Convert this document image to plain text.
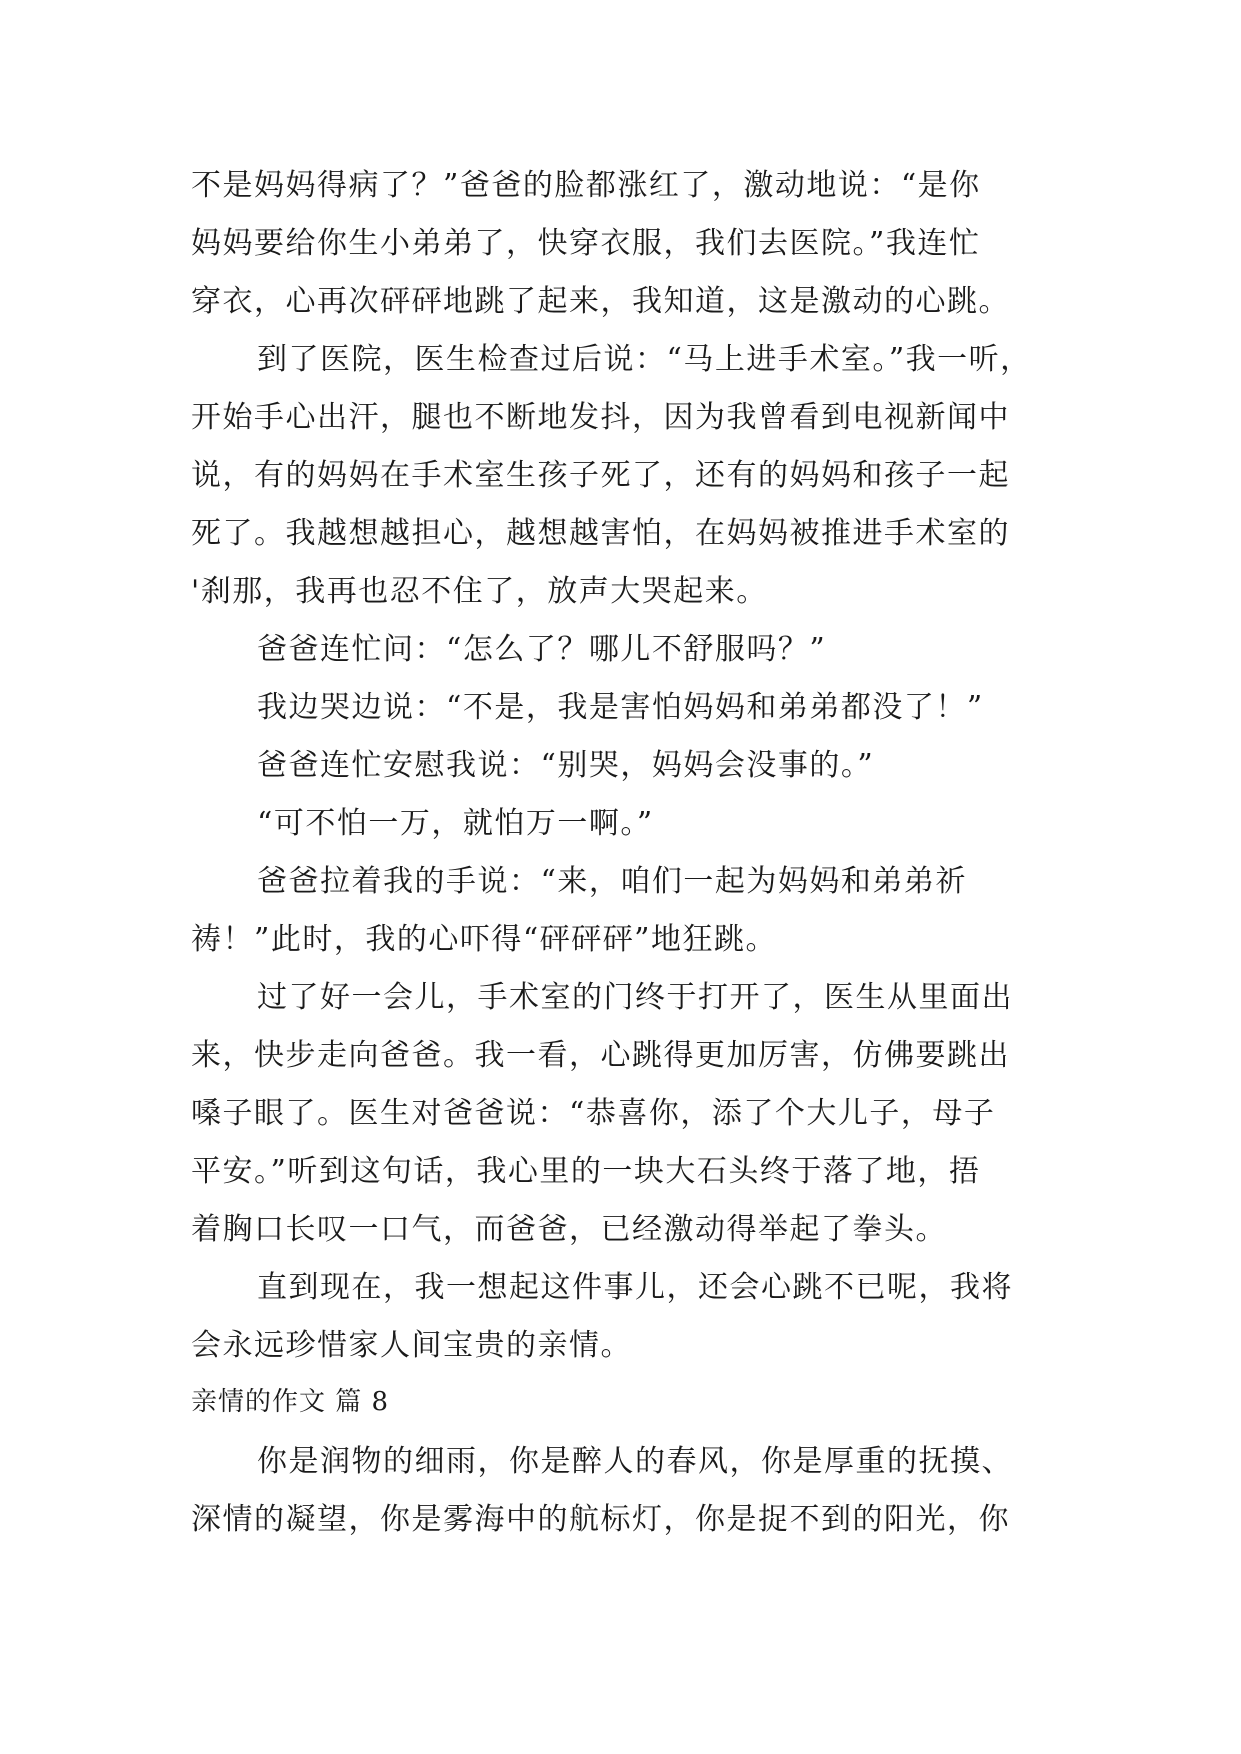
不是妈妈得病了？”爸爸的脸都涨红了，激动地说：“是你
妈妈要给你生小弟弟了，快穿衣服，我们去医院。”我连忙
穿衣，心再次砰砰地跳了起来，我知道，这是激动的心跳。
到了医院，医生检查过后说：“马上进手术室。”我一听，
开始手心出汗，腿也不断地发抖，因为我曾看到电视新闻中
说，有的妈妈在手术室生孩子死了，还有的妈妈和孩子一起
死了。我越想越担心，越想越害怕，在妈妈被推进手术室的
'刹那，我再也忍不住了，放声大哭起来。
爸爸连忙问：“怎么了？哪儿不舒服吗？”
我边哭边说：“不是，我是害怕妈妈和弟弟都没了！”
爸爸连忙安慰我说：“别哭，妈妈会没事的。”
“可不怕一万，就怕万一啊。”
爸爸拉着我的手说：“来，咱们一起为妈妈和弟弟祈
祷！”此时，我的心吓得“砰砰砰”地狂跳。
过了好一会儿，手术室的门终于打开了，医生从里面出
来，快步走向爸爸。我一看，心跳得更加厉害，仿佛要跳出
嗓子眼了。医生对爸爸说：“恭喜你，添了个大儿子，母子
平安。”听到这句话，我心里的一块大石头终于落了地，捂
着胸口长叹一口气，而爸爸，已经激动得举起了拳头。
直到现在，我一想起这件事儿，还会心跳不已呢，我将
会永远珍惜家人间宝贵的亲情。
亲情的作文 篇 8
你是润物的细雨，你是醉人的春风，你是厚重的抚摸、
深情的凝望，你是雾海中的航标灯，你是捉不到的阳光，你
